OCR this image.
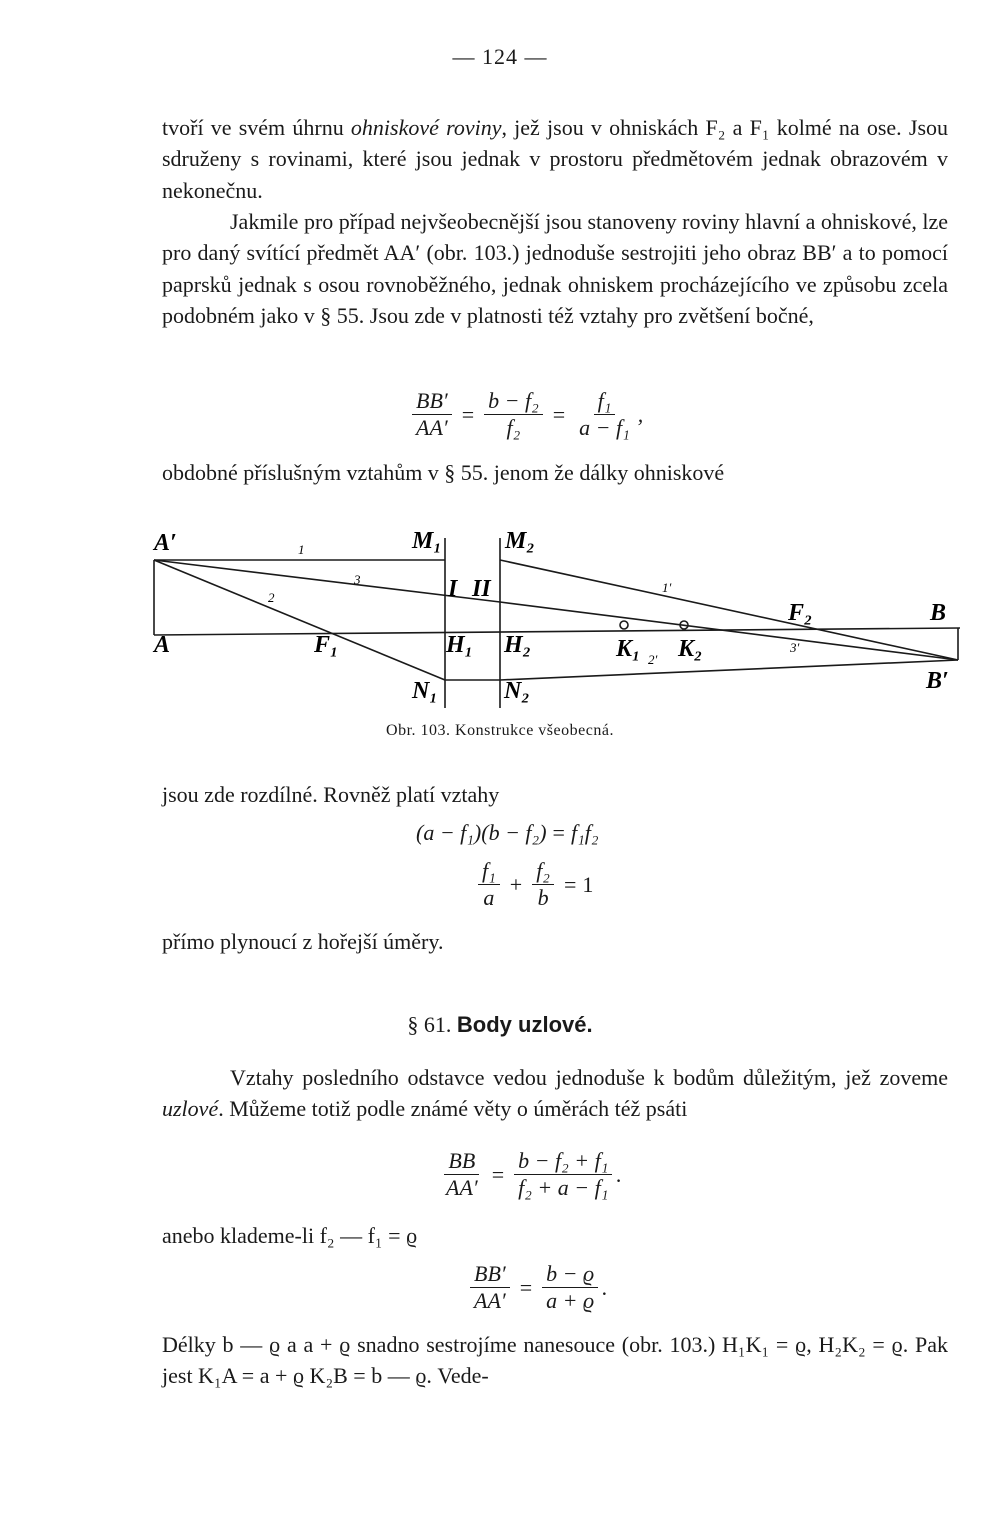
— 124 —

tvoří ve svém úhrnu ohniskové roviny, jež jsou v ohniskách F₂ a F₁ kolmé na ose. Jsou sdruženy s rovinami, které jsou jednak v prostoru předmětovém jednak obrazovém v nekonečnu.

Jakmile pro případ nejvšeobecnější jsou stanoveny roviny hlavní a ohniskové, lze pro daný svítící předmět AA′ (obr. 103.) jednoduše sestrojiti jeho obraz BB′ a to pomocí paprsků jednak s osou rovnoběžného, jednak ohniskem procházejícího ve způsobu zcela podobném jako v § 55. Jsou zde v platnosti též vztahy pro zvětšení bočné,

$\frac{BB'}{AA'} = \frac{\text{b − f₂}}{\text{f₂}} = \frac{\text{f₁}}{\text{a − f₁}}$ ,

obdobné příslušným vztahům v § 55. jenom že dálky ohniskové

A′
A
M₁	M₂
I II
F₁
F₂
H₁ H₂	K₁ K₂
N₁	N₂
B
B′
1
2
3
1′
2′
3′
Obr. 103. Konstrukce všeobecná.
jsou zde rozdílné. Rovněž platí vztahy
(a − f₁)(b − f₂) = f₁f₂
$\frac{\text{f₁}}{a} + \frac{\text{f₂}}{b} = 1$
přímo plynoucí z hořejší úměry.
§ 61. Body uzlové.

Vztahy posledního odstavce vedou jednoduše k bodům důležitým, jež zoveme uzlové. Můžeme totiž podle známé věty o úměrách též psáti

$\frac{BB}{AA'} = \frac{\text{b − f₂ + f₁}}{\text{f₂ + a − f₁}}$ .
anebo klademe-li f₂ — f₁ = ϱ
$\frac{BB'}{AA'} = \frac{b - ϱ}{a + ϱ}$ .

Délky b — ϱ a a + ϱ snadno sestrojíme nanesouce (obr. 103.) H₁K₁ = ϱ, H₂K₂ = ϱ. Pak jest K₁A = a + ϱ K₂B = b — ϱ. Vede-
